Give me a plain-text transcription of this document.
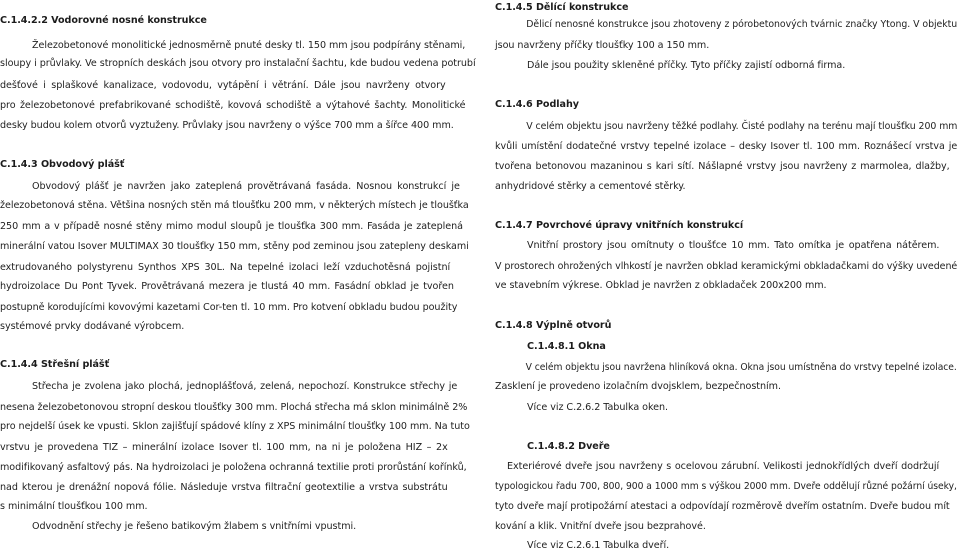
C.1.4.2.2 Vodorovné nosné konstrukce
Železobetonové monolitické jednosměrně pnuté desky tl. 150 mm jsou podpírány stěnami,
sloupy i průvlaky. Ve stropních deskách jsou otvory pro instalační šachtu, kde budou vedena potrubí
dešťové i splaškové kanalizace, vodovodu, vytápění i větrání. Dále jsou navrženy otvory
pro železobetonové prefabrikované schodiště, kovová schodiště a výtahové šachty. Monolitické
desky budou kolem otvorů vyztuženy. Průvlaky jsou navrženy o výšce 700 mm a šířce 400 mm.
C.1.4.3 Obvodový plášť
Obvodový plášť je navržen jako zateplená provětrávaná fasáda. Nosnou konstrukcí je
železobetonová stěna. Většina nosných stěn má tloušťku 200 mm, v některých místech je tloušťka
250 mm a v případě nosné stěny mimo modul sloupů je tloušťka 300 mm. Fasáda je zateplená
minerální vatou Isover MULTIMAX 30 tloušťky 150 mm, stěny pod zeminou jsou zatepleny deskami
extrudovaného polystyrenu Synthos XPS 30L. Na tepelné izolaci leží vzduchotěsná pojistní
hydroizolace Du Pont Tyvek. Provětrávaná mezera je tlustá 40 mm. Fasádní obklad je tvořen
postupně korodujícími kovovými kazetami Cor-ten tl. 10 mm. Pro kotvení obkladu budou použity
systémové prvky dodávané výrobcem.
C.1.4.4 Střešní plášť
Střecha je zvolena jako plochá, jednoplášťová, zelená, nepochozí. Konstrukce střechy je
nesena železobetonovou stropní deskou tloušťky 300 mm. Plochá střecha má sklon minimálně 2%
pro nejdelší úsek ke vpusti. Sklon zajišťují spádové klíny z XPS minimální tloušťky 100 mm. Na tuto
vrstvu je provedena TIZ – minerální izolace Isover tl. 100 mm, na ni je položena HIZ – 2x
modifikovaný asfaltový pás. Na hydroizolaci je položena ochranná textilie proti prorůstání kořínků,
nad kterou je drenážní nopová fólie. Následuje vrstva filtrační geotextilie a vrstva substrátu
s minimální tloušťkou 100 mm.
Odvodnění střechy je řešeno batikovým žlabem s vnitřními vpustmi.
C.1.4.5 Dělící konstrukce
Dělicí nenosné konstrukce jsou zhotoveny z pórobetonových tvárnic značky Ytong. V objektu
jsou navrženy příčky tloušťky 100 a 150 mm.
Dále jsou použity skleněné příčky. Tyto příčky zajistí odborná firma.
C.1.4.6 Podlahy
V celém objektu jsou navrženy těžké podlahy. Čisté podlahy na terénu mají tloušťku 200 mm
kvůli umístění dodatečné vrstvy tepelné izolace – desky Isover tl. 100 mm. Roznášecí vrstva je
tvořena betonovou mazaninou s kari sítí. Nášlapné vrstvy jsou navrženy z marmolea, dlažby,
anhydridové stěrky a cementové stěrky.
C.1.4.7 Povrchové úpravy vnitřních konstrukcí
Vnitřní prostory jsou omítnuty o tloušťce 10 mm. Tato omítka je opatřena nátěrem.
V prostorech ohrožených vlhkostí je navržen obklad keramickými obkladačkami do výšky uvedené
ve stavebním výkrese. Obklad je navržen z obkladaček 200x200 mm.
C.1.4.8 Výplně otvorů
C.1.4.8.1 Okna
V celém objektu jsou navržena hliníková okna. Okna jsou umístněna do vrstvy tepelné izolace.
Zasklení je provedeno izolačním dvojsklem, bezpečnostním.
Více viz C.2.6.2 Tabulka oken.
C.1.4.8.2 Dveře
Exteriérové dveře jsou navrženy s ocelovou zárubní. Velikosti jednokřídlých dveří dodržují
typologickou řadu 700, 800, 900 a 1000 mm s výškou 2000 mm. Dveře oddělují různé požární úseky,
tyto dveře mají protipožární atestaci a odpovídají rozměrově dveřím ostatním. Dveře budou mít
kování a klik. Vnitřní dveře jsou bezprahové.
Více viz C.2.6.1 Tabulka dveří.
